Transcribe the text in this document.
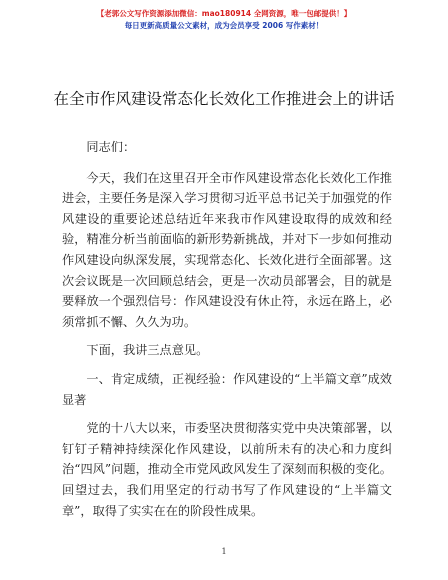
【老郭公文写作资源添加微信：mao180914 全网资源，唯一包邮提供！】
每日更新高质量公文素材，成为会员享受 2006 写作素材！
在全市作风建设常态化长效化工作推进会上的讲话

同志们：

今天，我们在这里召开全市作风建设常态化长效化工作推进会，主要任务是深入学习贯彻习近平总书记关于加强党的作风建设的重要论述总结近年来我市作风建设取得的成效和经验，精准分析当前面临的新形势新挑战，并对下一步如何推动作风建设向纵深发展，实现常态化、长效化进行全面部署。这次会议既是一次回顾总结会，更是一次动员部署会，目的就是要释放一个强烈信号：作风建设没有休止符，永远在路上，必须常抓不懈、久久为功。

下面，我讲三点意见。

一、肯定成绩，正视经验：作风建设的“上半篇文章”成效显著

党的十八大以来，市委坚决贯彻落实党中央决策部署，以钉钉子精神持续深化作风建设，以前所未有的决心和力度纠治“四风”问题，推动全市党风政风发生了深刻而积极的变化。回望过去，我们用坚定的行动书写了作风建设的“上半篇文章”，取得了实实在在的阶段性成果。

1
